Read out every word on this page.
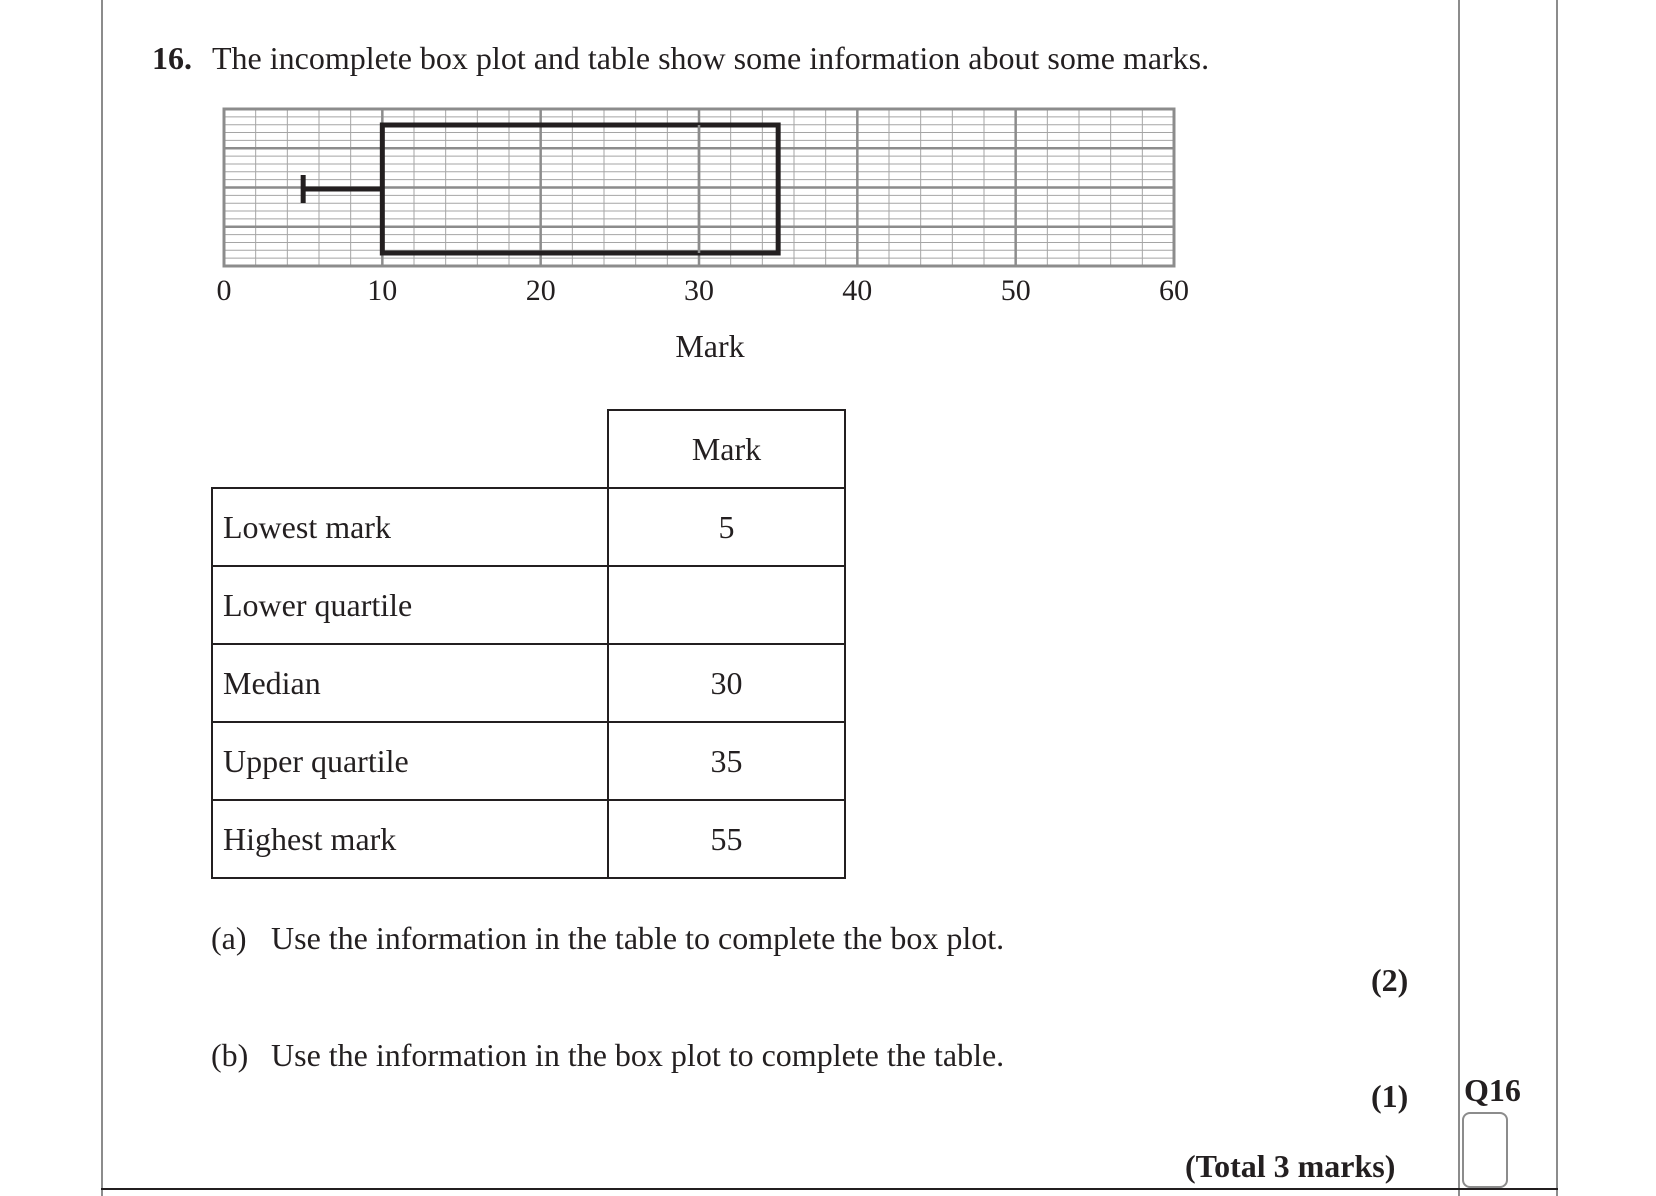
16. The incomplete box plot and table show some information about some marks.
0	10	20	30	40	50	60
Mark
	Mark
Lowest mark	5
Lower quartile	
Median	30
Upper quartile	35
Highest mark	55
(a) Use the information in the table to complete the box plot.
(2)
(b) Use the information in the box plot to complete the table.
(1)
(Total 3 marks)
Q16
